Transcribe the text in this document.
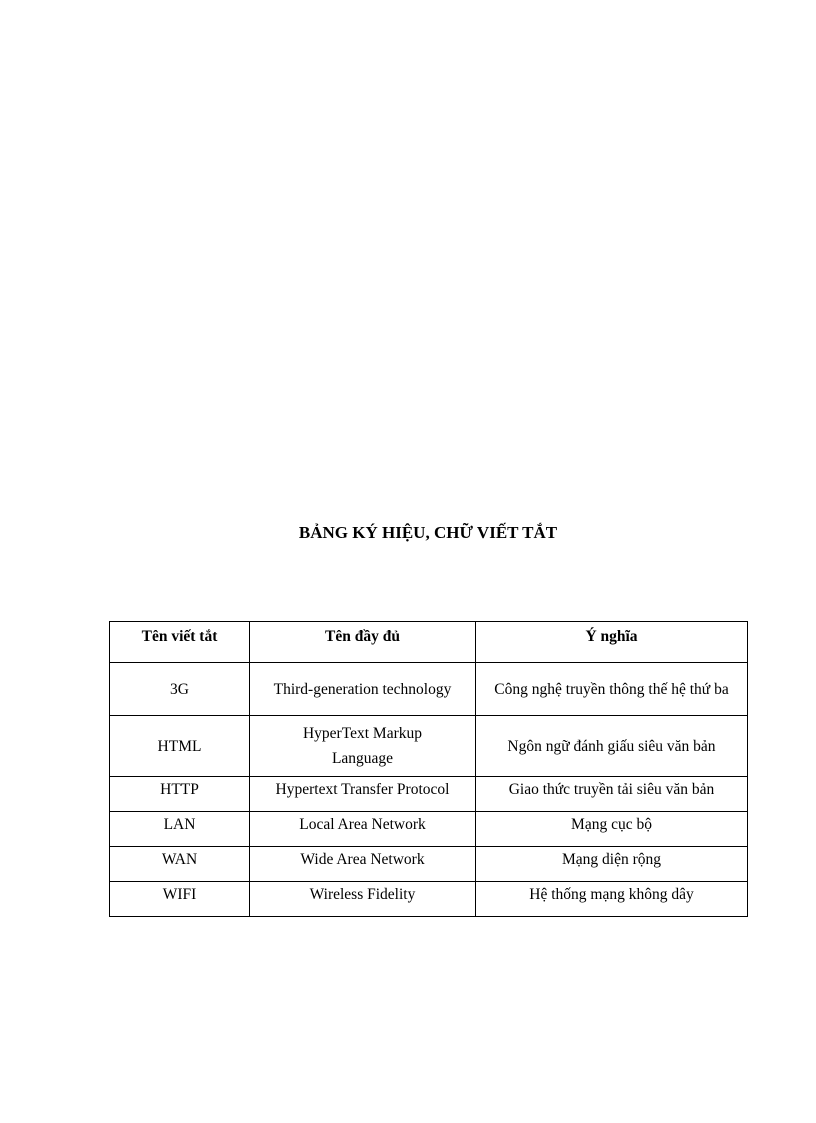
BẢNG KÝ HIỆU, CHỮ VIẾT TẮT
Tên viết tắt	Tên đầy đủ	Ý nghĩa
3G	Third-generation technology	Công nghệ truyền thông thế hệ thứ ba
HTML	HyperText Markup Language	Ngôn ngữ đánh giấu siêu văn bản
HTTP	Hypertext Transfer Protocol	Giao thức truyền tải siêu văn bản
LAN	Local Area Network	Mạng cục bộ
WAN	Wide Area Network	Mạng diện rộng
WIFI	Wireless Fidelity	Hệ thống mạng không dây
